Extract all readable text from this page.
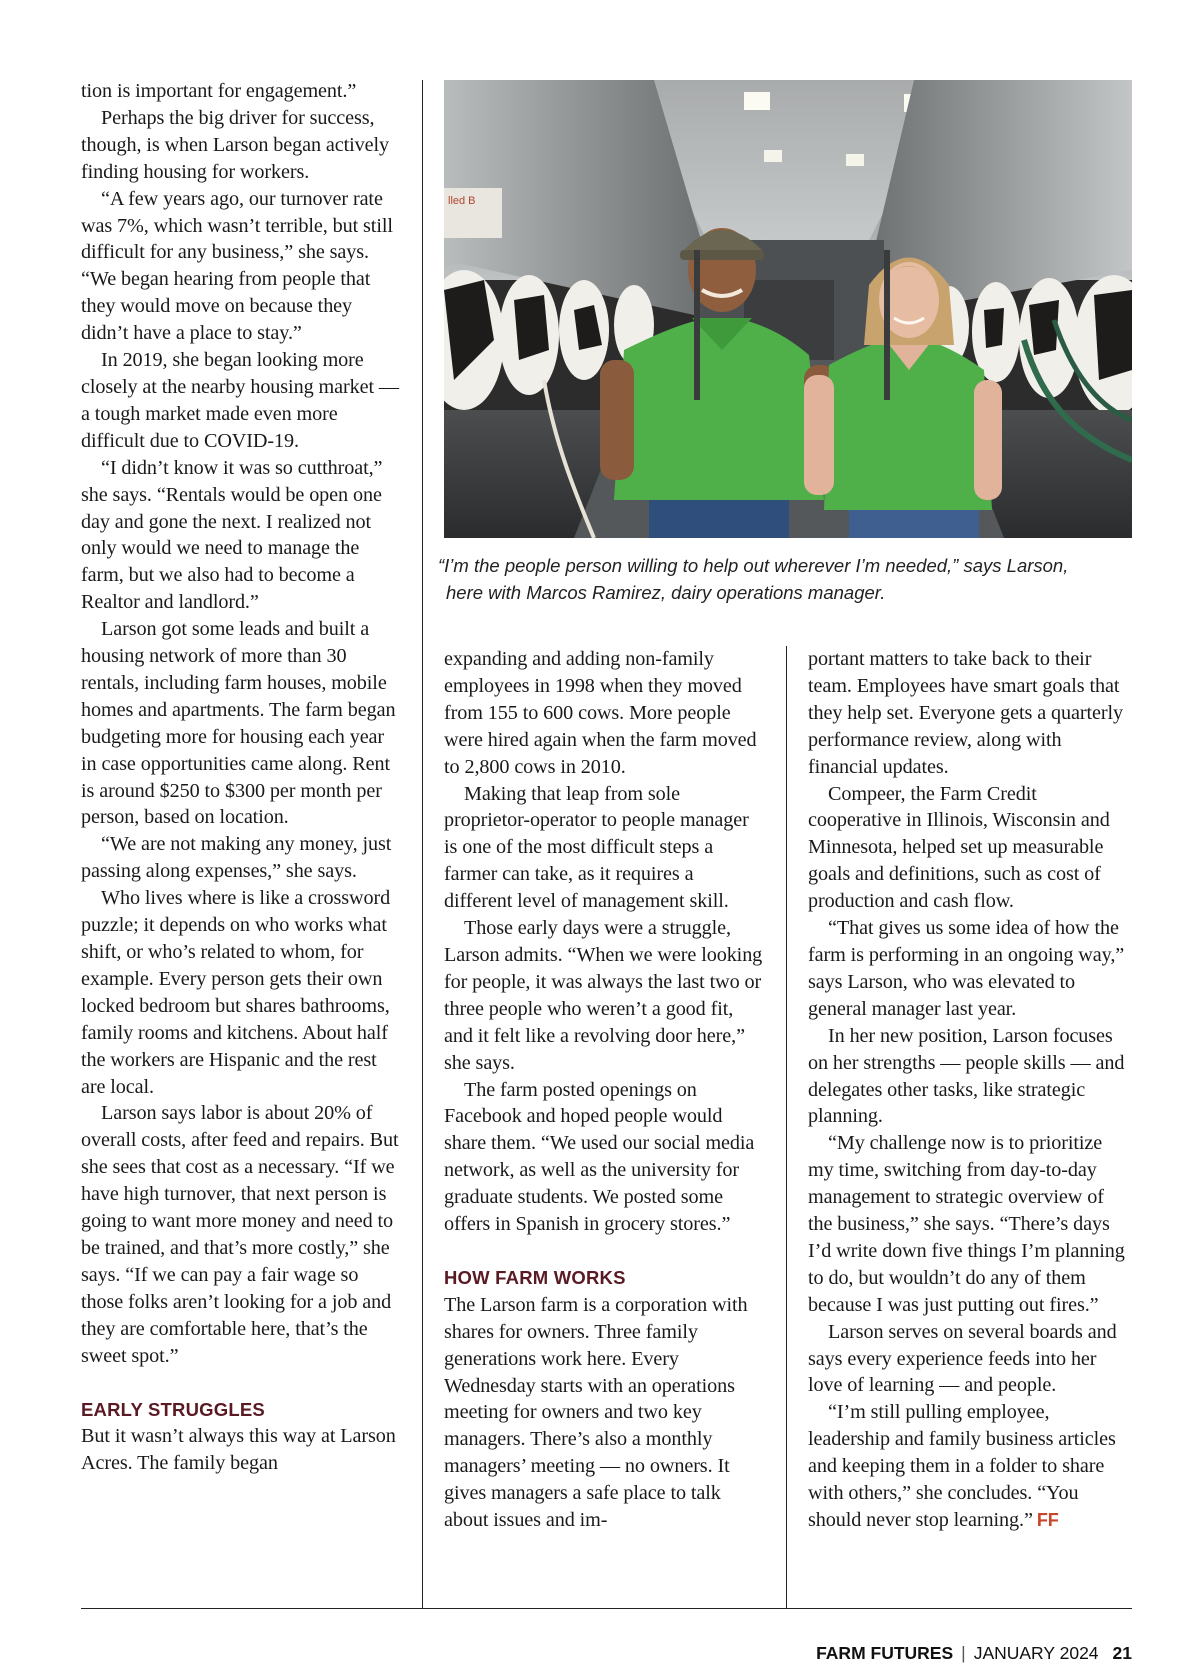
tion is important for engagement.”

Perhaps the big driver for success, though, is when Larson began actively finding housing for workers.

“A few years ago, our turnover rate was 7%, which wasn’t terrible, but still difficult for any business,” she says. “We began hearing from people that they would move on because they didn’t have a place to stay.”

In 2019, she began looking more closely at the nearby housing market — a tough market made even more difficult due to COVID-19.

“I didn’t know it was so cutthroat,” she says. “Rentals would be open one day and gone the next. I realized not only would we need to manage the farm, but we also had to become a Realtor and landlord.”

Larson got some leads and built a housing network of more than 30 rentals, including farm houses, mobile homes and apartments. The farm began budgeting more for housing each year in case opportunities came along. Rent is around $250 to $300 per month per person, based on location.

“We are not making any money, just passing along expenses,” she says.

Who lives where is like a crossword puzzle; it depends on who works what shift, or who’s related to whom, for example. Every person gets their own locked bedroom but shares bathrooms, family rooms and kitchens. About half the workers are Hispanic and the rest are local.

Larson says labor is about 20% of overall costs, after feed and repairs. But she sees that cost as a necessary. “If we have high turnover, that next person is going to want more money and need to be trained, and that’s more costly,” she says. “If we can pay a fair wage so those folks aren’t looking for a job and they are comfortable here, that’s the sweet spot.”

EARLY STRUGGLES

But it wasn’t always this way at Larson Acres. The family began

lled B
“I’m the people person willing to help out wherever I’m needed,” says Larson,
here with Marcos Ramirez, dairy operations manager.

expanding and adding non-family employees in 1998 when they moved from 155 to 600 cows. More people were hired again when the farm moved to 2,800 cows in 2010.

Making that leap from sole proprietor-operator to people manager is one of the most difficult steps a farmer can take, as it requires a different level of management skill.

Those early days were a struggle, Larson admits. “When we were looking for people, it was always the last two or three people who weren’t a good fit, and it felt like a revolving door here,” she says.

The farm posted openings on Facebook and hoped people would share them. “We used our social media network, as well as the university for graduate students. We posted some offers in Spanish in grocery stores.”

HOW FARM WORKS

The Larson farm is a corporation with shares for owners. Three family generations work here. Every Wednesday starts with an operations meeting for owners and two key managers. There’s also a monthly managers’ meeting — no owners. It gives managers a safe place to talk about issues and im-

portant matters to take back to their team. Employees have smart goals that they help set. Everyone gets a quarterly performance review, along with financial updates.

Compeer, the Farm Credit cooperative in Illinois, Wisconsin and Minnesota, helped set up measurable goals and definitions, such as cost of production and cash flow.

“That gives us some idea of how the farm is performing in an ongoing way,” says Larson, who was elevated to general manager last year.

In her new position, Larson focuses on her strengths — people skills — and delegates other tasks, like strategic planning.

“My challenge now is to prioritize my time, switching from day-to-day management to strategic overview of the business,” she says. “There’s days I’d write down five things I’m planning to do, but wouldn’t do any of them because I was just putting out fires.”

Larson serves on several boards and says every experience feeds into her love of learning — and people.

“I’m still pulling employee, leadership and family business articles and keeping them in a folder to share with others,” she concludes. “You should never stop learning.” FF

FARM FUTURES | JANUARY 2024 21
